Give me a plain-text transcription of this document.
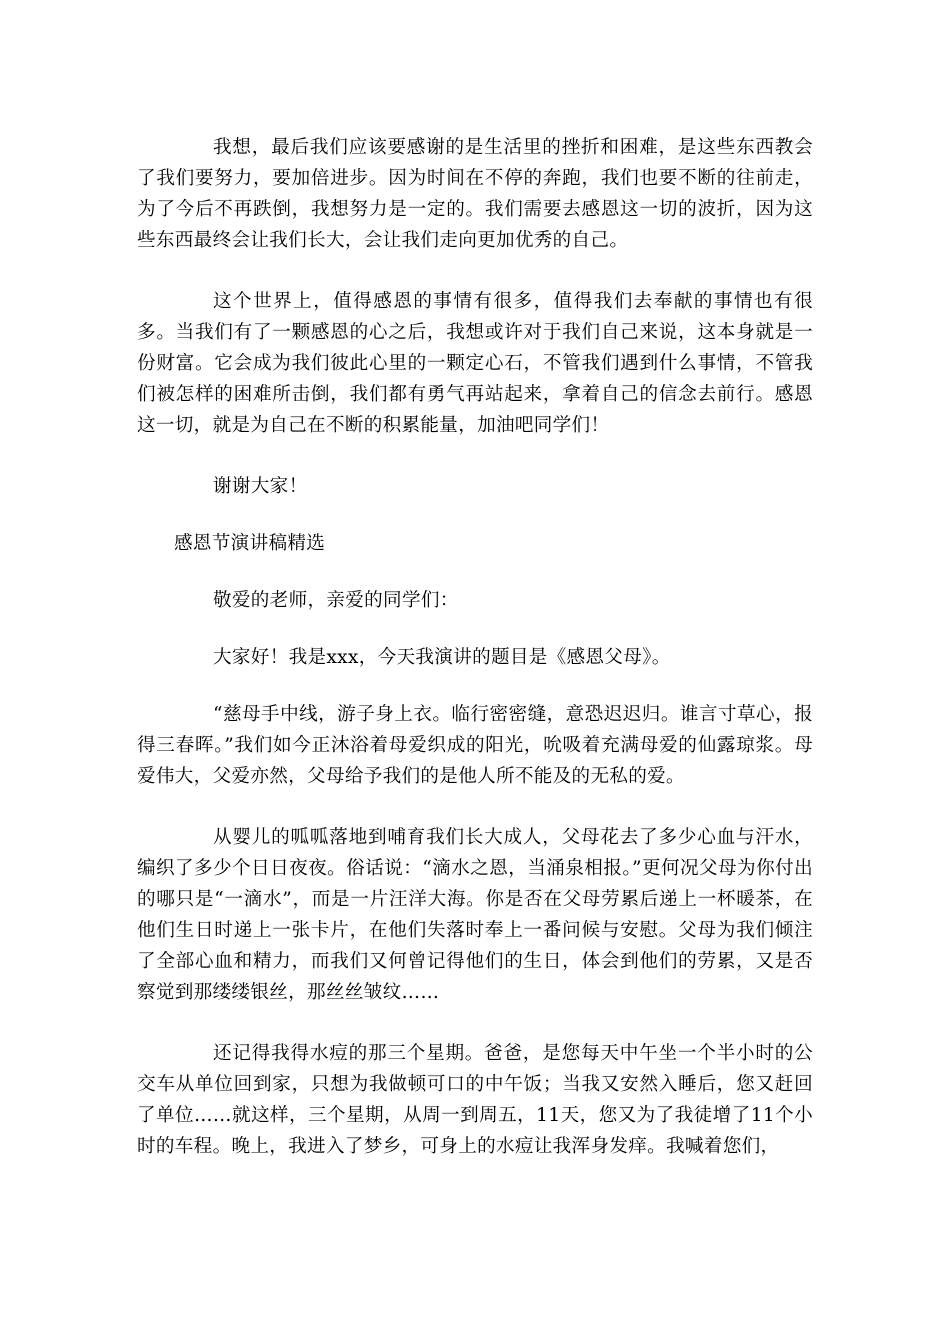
我想，最后我们应该要感谢的是生活里的挫折和困难，是这些东西教会了我们要努力，要加倍进步。因为时间在不停的奔跑，我们也要不断的往前走，为了今后不再跌倒，我想努力是一定的。我们需要去感恩这一切的波折，因为这些东西最终会让我们长大，会让我们走向更加优秀的自己。

这个世界上，值得感恩的事情有很多，值得我们去奉献的事情也有很多。当我们有了一颗感恩的心之后，我想或许对于我们自己来说，这本身就是一份财富。它会成为我们彼此心里的一颗定心石，不管我们遇到什么事情，不管我们被怎样的困难所击倒，我们都有勇气再站起来，拿着自己的信念去前行。感恩这一切，就是为自己在不断的积累能量，加油吧同学们！

谢谢大家！

感恩节演讲稿精选

敬爱的老师，亲爱的同学们：

大家好！我是xxx，今天我演讲的题目是《感恩父母》。

“慈母手中线，游子身上衣。临行密密缝，意恐迟迟归。谁言寸草心，报得三春晖。”我们如今正沐浴着母爱织成的阳光，吮吸着充满母爱的仙露琼浆。母爱伟大，父爱亦然，父母给予我们的是他人所不能及的无私的爱。

从婴儿的呱呱落地到哺育我们长大成人，父母花去了多少心血与汗水，编织了多少个日日夜夜。俗话说：“滴水之恩，当涌泉相报。”更何况父母为你付出的哪只是“一滴水”，而是一片汪洋大海。你是否在父母劳累后递上一杯暖茶，在他们生日时递上一张卡片，在他们失落时奉上一番问候与安慰。父母为我们倾注了全部心血和精力，而我们又何曾记得他们的生日，体会到他们的劳累，又是否察觉到那缕缕银丝，那丝丝皱纹……

还记得我得水痘的那三个星期。爸爸，是您每天中午坐一个半小时的公交车从单位回到家，只想为我做顿可口的中午饭；当我又安然入睡后，您又赶回了单位……就这样，三个星期，从周一到周五，11天，您又为了我徒增了11个小时的车程。晚上，我进入了梦乡，可身上的水痘让我浑身发痒。我喊着您们，
